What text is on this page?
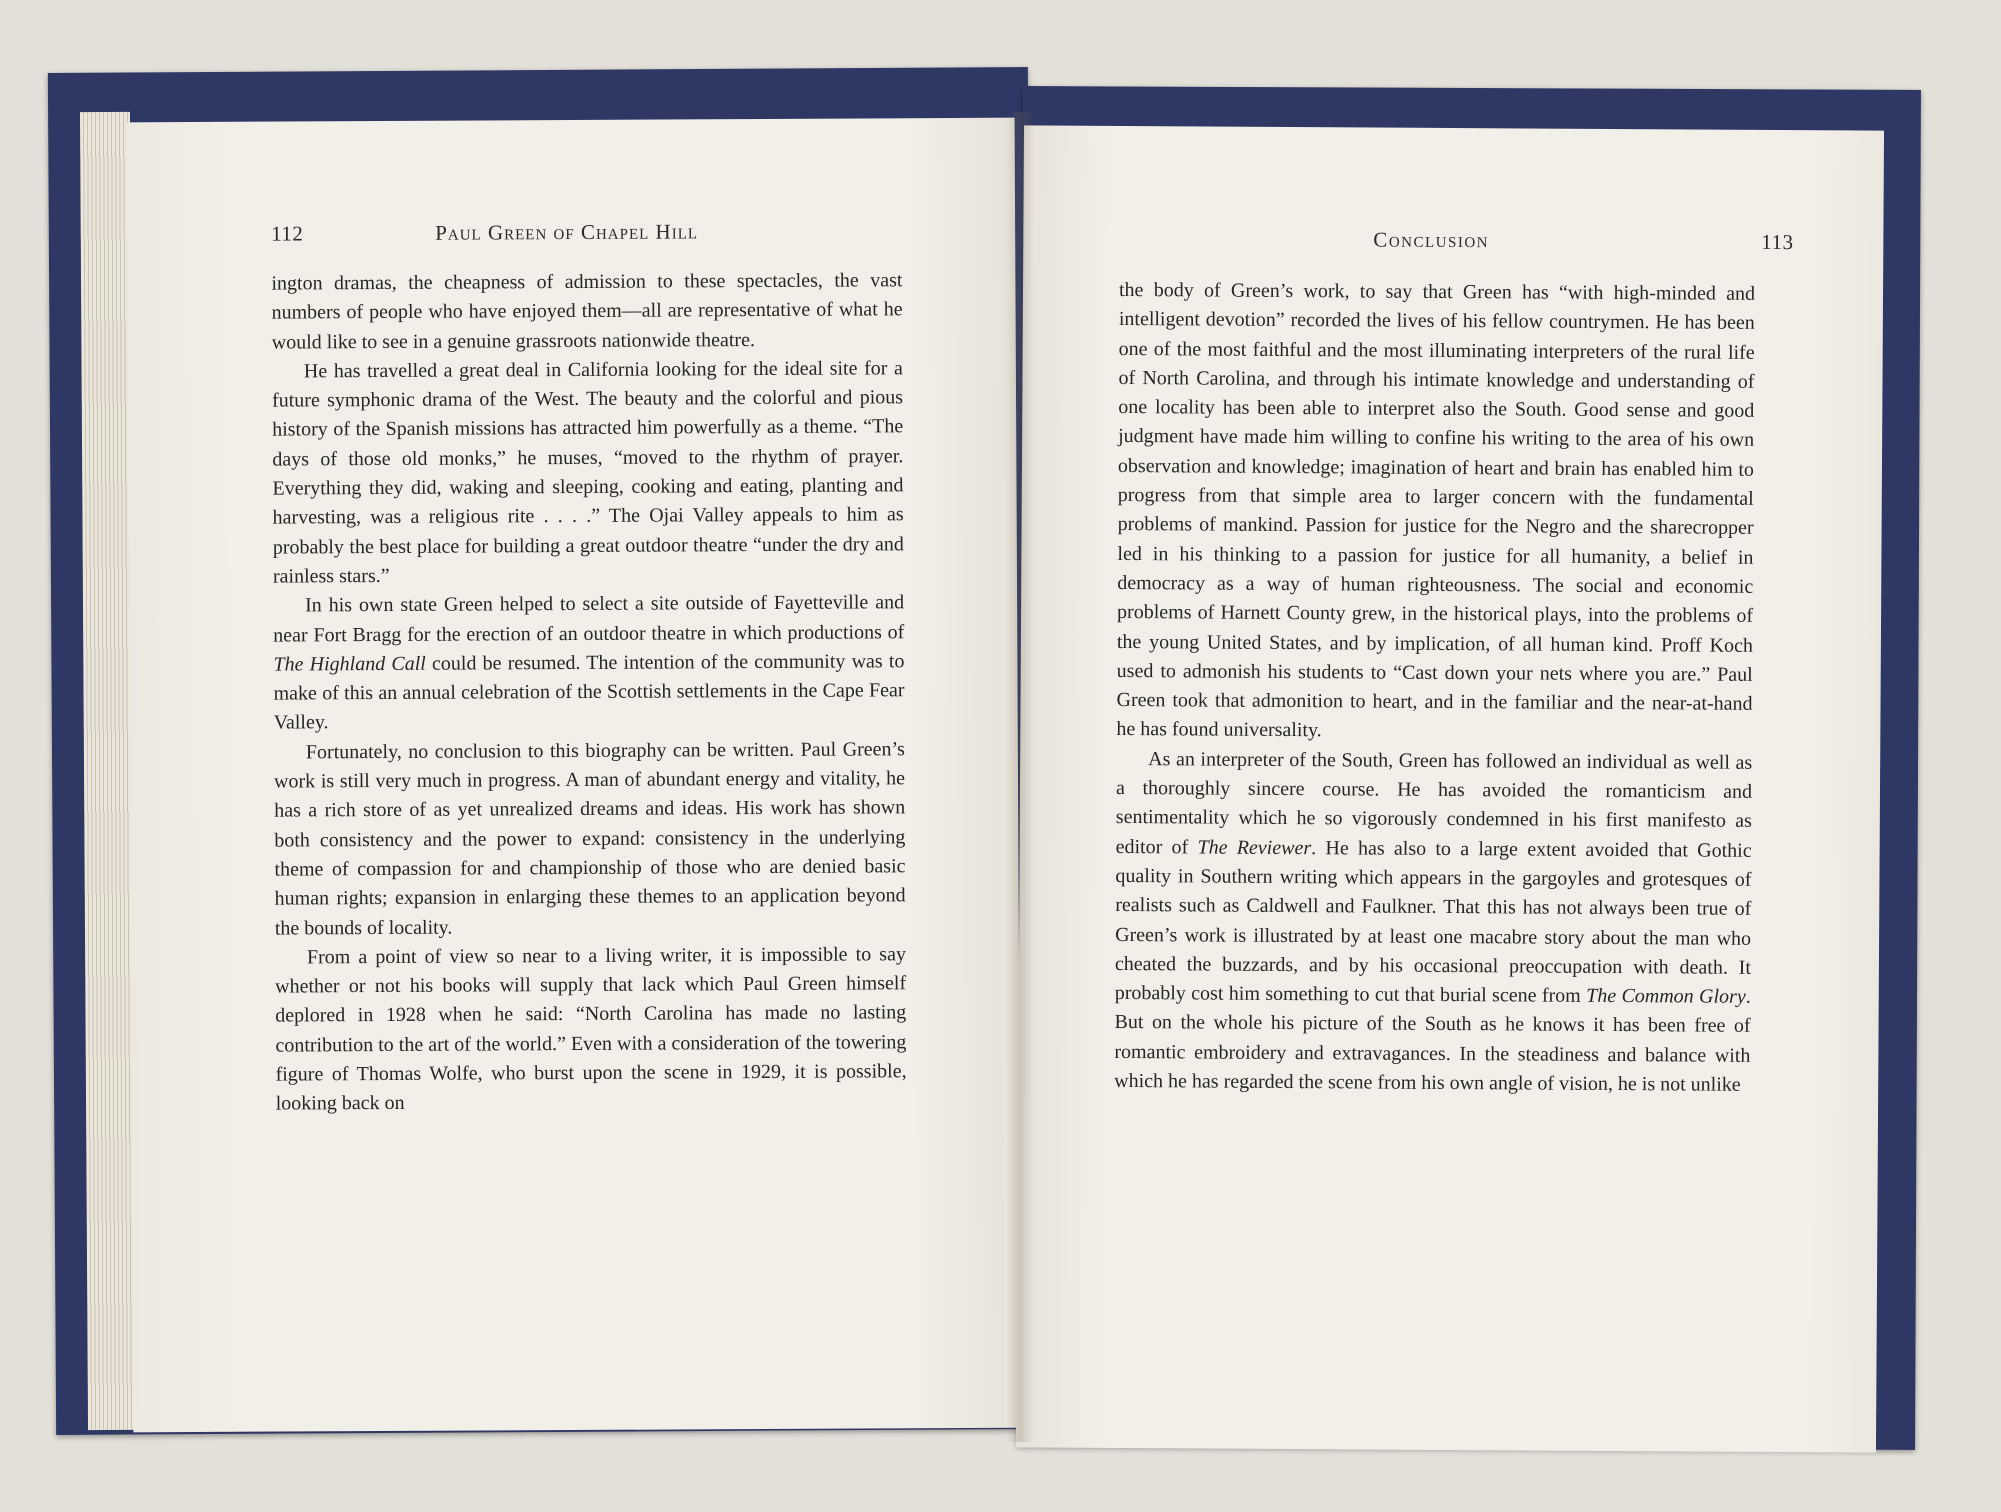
112	Paul Green of Chapel Hill

ington dramas, the cheapness of admission to these spectacles, the vast numbers of people who have enjoyed them—all are representative of what he would like to see in a genuine grassroots nationwide theatre.

He has travelled a great deal in California looking for the ideal site for a future symphonic drama of the West. The beauty and the colorful and pious history of the Spanish missions has attracted him powerfully as a theme. “The days of those old monks,” he muses, “moved to the rhythm of prayer. Everything they did, waking and sleeping, cooking and eating, planting and harvesting, was a religious rite . . . .” The Ojai Valley appeals to him as probably the best place for building a great outdoor theatre “under the dry and rainless stars.”

In his own state Green helped to select a site outside of Fayetteville and near Fort Bragg for the erection of an outdoor theatre in which productions of The Highland Call could be resumed. The intention of the community was to make of this an annual celebration of the Scottish settlements in the Cape Fear Valley.

Fortunately, no conclusion to this biography can be written. Paul Green’s work is still very much in progress. A man of abundant energy and vitality, he has a rich store of as yet unrealized dreams and ideas. His work has shown both consistency and the power to expand: consistency in the underlying theme of compassion for and championship of those who are denied basic human rights; expansion in enlarging these themes to an application beyond the bounds of locality.

From a point of view so near to a living writer, it is impossible to say whether or not his books will supply that lack which Paul Green himself deplored in 1928 when he said: “North Carolina has made no lasting contribution to the art of the world.” Even with a consideration of the towering figure of Thomas Wolfe, who burst upon the scene in 1929, it is possible, looking back on

Conclusion	113

the body of Green’s work, to say that Green has “with high-minded and intelligent devotion” recorded the lives of his fellow countrymen. He has been one of the most faithful and the most illuminating interpreters of the rural life of North Carolina, and through his intimate knowledge and understanding of one locality has been able to interpret also the South. Good sense and good judgment have made him willing to confine his writing to the area of his own observation and knowledge; imagination of heart and brain has enabled him to progress from that simple area to larger concern with the fundamental problems of mankind. Passion for justice for the Negro and the sharecropper led in his thinking to a passion for justice for all humanity, a belief in democracy as a way of human righteousness. The social and economic problems of Harnett County grew, in the historical plays, into the problems of the young United States, and by implication, of all human kind. Proff Koch used to admonish his students to “Cast down your nets where you are.” Paul Green took that admonition to heart, and in the familiar and the near-at-hand he has found universality.

As an interpreter of the South, Green has followed an individual as well as a thoroughly sincere course. He has avoided the romanticism and sentimentality which he so vigorously condemned in his first manifesto as editor of The Reviewer. He has also to a large extent avoided that Gothic quality in Southern writing which appears in the gargoyles and grotesques of realists such as Caldwell and Faulkner. That this has not always been true of Green’s work is illustrated by at least one macabre story about the man who cheated the buzzards, and by his occasional preoccupation with death. It probably cost him something to cut that burial scene from The Common Glory. But on the whole his picture of the South as he knows it has been free of romantic embroidery and extravagances. In the steadiness and balance with which he has regarded the scene from his own angle of vision, he is not unlike
